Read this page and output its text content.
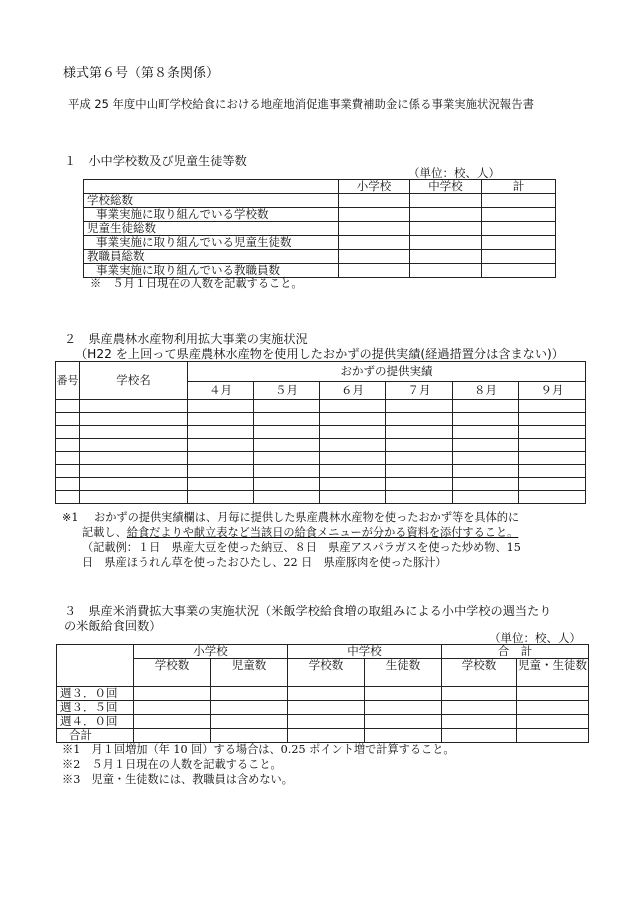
様式第６号（第８条関係）
平成 25 年度中山町学校給食における地産地消促進事業費補助金に係る事業実施状況報告書
１　小中学校数及び児童生徒等数
（単位：校、人）
	小学校	中学校	計
学校総数			
事業実施に取り組んでいる学校数			
児童生徒総数			
事業実施に取り組んでいる児童生徒数			
教職員総数			
事業実施に取り組んでいる教職員数			
※　５月１日現在の人数を記載すること。
２　県産農林水産物利用拡大事業の実施状況
（H22 を上回って県産農林水産物を使用したおかずの提供実績(経過措置分は含まない)）
番号	学校名	おかずの提供実績					
		４月	５月	６月	７月	８月	９月

※1 おかずの提供実績欄は、月毎に提供した県産農林水産物を使ったおかず等を具体的に
記載し、給食だよりや献立表など当該日の給食メニューが分かる資料を添付すること。
（記載例：１日　県産大豆を使った納豆、８日　県産アスパラガスを使った炒め物、15
日　県産ほうれん草を使ったおひたし、22 日　県産豚肉を使った豚汁）
３　県産米消費拡大事業の実施状況（米飯学校給食増の取組みによる小中学校の週当たり
の米飯給食回数）
（単位：校、人）
	小学校		中学校		合　計	
	学校数	児童数	学校数	生徒数	学校数	児童・生徒数
週３．０回						
週３．５回						
週４．０回						
合計						
※1　 月１回増加（年 10 回）する場合は、0.25 ポイント増で計算すること。
※2　 ５月１日現在の人数を記載すること。
※3　 児童・生徒数には、教職員は含めない。
